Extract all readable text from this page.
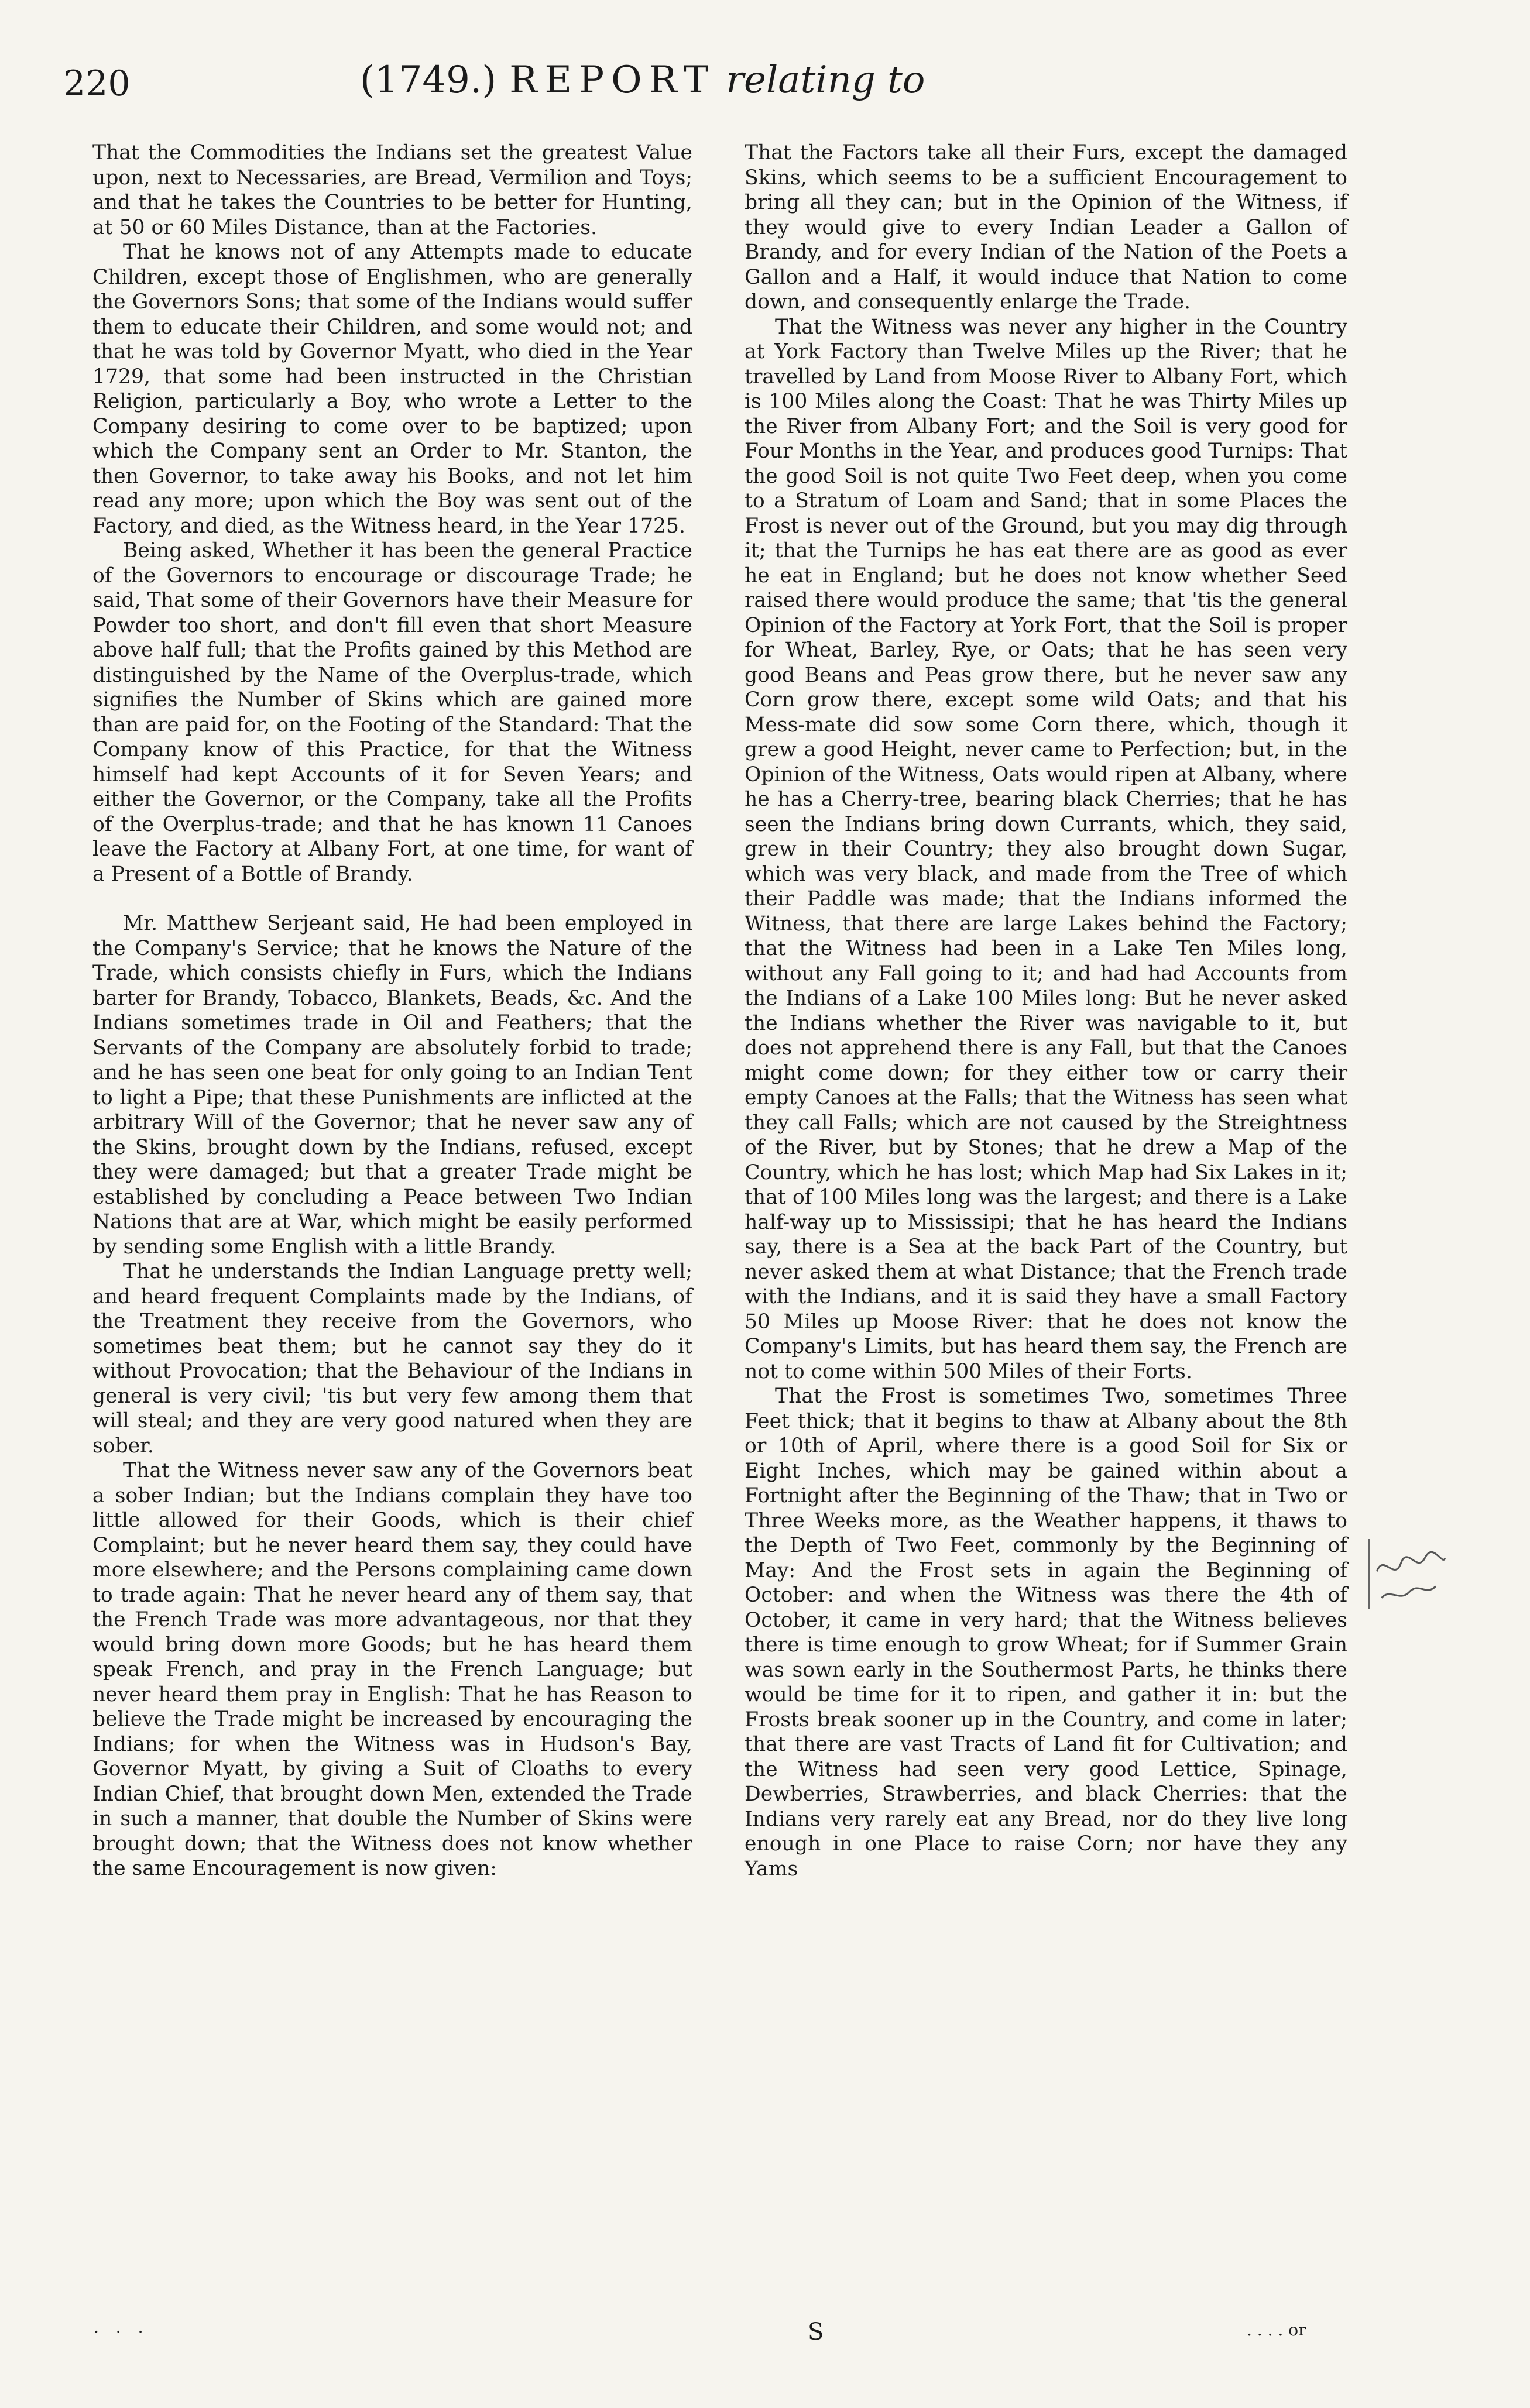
220	(1749.) REPORT relating to

That the Commodities the Indians set the greatest Value upon, next to Necessaries, are Bread, Vermilion and Toys; and that he takes the Countries to be better for Hunting, at 50 or 60 Miles Distance, than at the Factories.

That he knows not of any Attempts made to educate Children, except those of Englishmen, who are generally the Governors Sons; that some of the Indians would suffer them to educate their Children, and some would not; and that he was told by Governor Myatt, who died in the Year 1729, that some had been instructed in the Christian Religion, particularly a Boy, who wrote a Letter to the Company desiring to come over to be baptized; upon which the Company sent an Order to Mr. Stanton, the then Governor, to take away his Books, and not let him read any more; upon which the Boy was sent out of the Factory, and died, as the Witness heard, in the Year 1725.

Being asked, Whether it has been the general Practice of the Governors to encourage or discourage Trade; he said, That some of their Governors have their Measure for Powder too short, and don't fill even that short Measure above half full; that the Profits gained by this Method are distinguished by the Name of the Overplus-trade, which signifies the Number of Skins which are gained more than are paid for, on the Footing of the Standard: That the Company know of this Practice, for that the Witness himself had kept Accounts of it for Seven Years; and either the Governor, or the Company, take all the Profits of the Overplus-trade; and that he has known 11 Canoes leave the Factory at Albany Fort, at one time, for want of a Present of a Bottle of Brandy.

Mr. Matthew Serjeant said, He had been employed in the Company's Service; that he knows the Nature of the Trade, which consists chiefly in Furs, which the Indians barter for Brandy, Tobacco, Blankets, Beads, &c. And the Indians sometimes trade in Oil and Feathers; that the Servants of the Company are absolutely forbid to trade; and he has seen one beat for only going to an Indian Tent to light a Pipe; that these Punishments are inflicted at the arbitrary Will of the Governor; that he never saw any of the Skins, brought down by the Indians, refused, except they were damaged; but that a greater Trade might be established by concluding a Peace between Two Indian Nations that are at War, which might be easily performed by sending some English with a little Brandy.

That he understands the Indian Language pretty well; and heard frequent Complaints made by the Indians, of the Treatment they receive from the Governors, who sometimes beat them; but he cannot say they do it without Provocation; that the Behaviour of the Indians in general is very civil; 'tis but very few among them that will steal; and they are very good natured when they are sober.

That the Witness never saw any of the Governors beat a sober Indian; but the Indians complain they have too little allowed for their Goods, which is their chief Complaint; but he never heard them say, they could have more elsewhere; and the Persons complaining came down to trade again: That he never heard any of them say, that the French Trade was more advantageous, nor that they would bring down more Goods; but he has heard them speak French, and pray in the French Language; but never heard them pray in English: That he has Reason to believe the Trade might be increased by encouraging the Indians; for when the Witness was in Hudson's Bay, Governor Myatt, by giving a Suit of Cloaths to every Indian Chief, that brought down Men, extended the Trade in such a manner, that double the Number of Skins were brought down; that the Witness does not know whether the same Encouragement is now given:

That the Factors take all their Furs, except the damaged Skins, which seems to be a sufficient Encouragement to bring all they can; but in the Opinion of the Witness, if they would give to every Indian Leader a Gallon of Brandy, and for every Indian of the Nation of the Poets a Gallon and a Half, it would induce that Nation to come down, and consequently enlarge the Trade.

That the Witness was never any higher in the Country at York Factory than Twelve Miles up the River; that he travelled by Land from Moose River to Albany Fort, which is 100 Miles along the Coast: That he was Thirty Miles up the River from Albany Fort; and the Soil is very good for Four Months in the Year, and produces good Turnips: That the good Soil is not quite Two Feet deep, when you come to a Stratum of Loam and Sand; that in some Places the Frost is never out of the Ground, but you may dig through it; that the Turnips he has eat there are as good as ever he eat in England; but he does not know whether Seed raised there would produce the same; that 'tis the general Opinion of the Factory at York Fort, that the Soil is proper for Wheat, Barley, Rye, or Oats; that he has seen very good Beans and Peas grow there, but he never saw any Corn grow there, except some wild Oats; and that his Mess-mate did sow some Corn there, which, though it grew a good Height, never came to Perfection; but, in the Opinion of the Witness, Oats would ripen at Albany, where he has a Cherry-tree, bearing black Cherries; that he has seen the Indians bring down Currants, which, they said, grew in their Country; they also brought down Sugar, which was very black, and made from the Tree of which their Paddle was made; that the Indians informed the Witness, that there are large Lakes behind the Factory; that the Witness had been in a Lake Ten Miles long, without any Fall going to it; and had had Accounts from the Indians of a Lake 100 Miles long: But he never asked the Indians whether the River was navigable to it, but does not apprehend there is any Fall, but that the Canoes might come down; for they either tow or carry their empty Canoes at the Falls; that the Witness has seen what they call Falls; which are not caused by the Streightness of the River, but by Stones; that he drew a Map of the Country, which he has lost; which Map had Six Lakes in it; that of 100 Miles long was the largest; and there is a Lake half-way up to Mississipi; that he has heard the Indians say, there is a Sea at the back Part of the Country, but never asked them at what Distance; that the French trade with the Indians, and it is said they have a small Factory 50 Miles up Moose River: that he does not know the Company's Limits, but has heard them say, the French are not to come within 500 Miles of their Forts.

That the Frost is sometimes Two, sometimes Three Feet thick; that it begins to thaw at Albany about the 8th or 10th of April, where there is a good Soil for Six or Eight Inches, which may be gained within about a Fortnight after the Beginning of the Thaw; that in Two or Three Weeks more, as the Weather happens, it thaws to the Depth of Two Feet, commonly by the Beginning of May: And the Frost sets in again the Beginning of October: and when the Witness was there the 4th of October, it came in very hard; that the Witness believes there is time enough to grow Wheat; for if Summer Grain was sown early in the Southermost Parts, he thinks there would be time for it to ripen, and gather it in: but the Frosts break sooner up in the Country, and come in later; that there are vast Tracts of Land fit for Cultivation; and the Witness had seen very good Lettice, Spinage, Dewberries, Strawberries, and black Cherries: that the Indians very rarely eat any Bread, nor do they live long enough in one Place to raise Corn; nor have they any Yams

. . .	S	. . . . or
